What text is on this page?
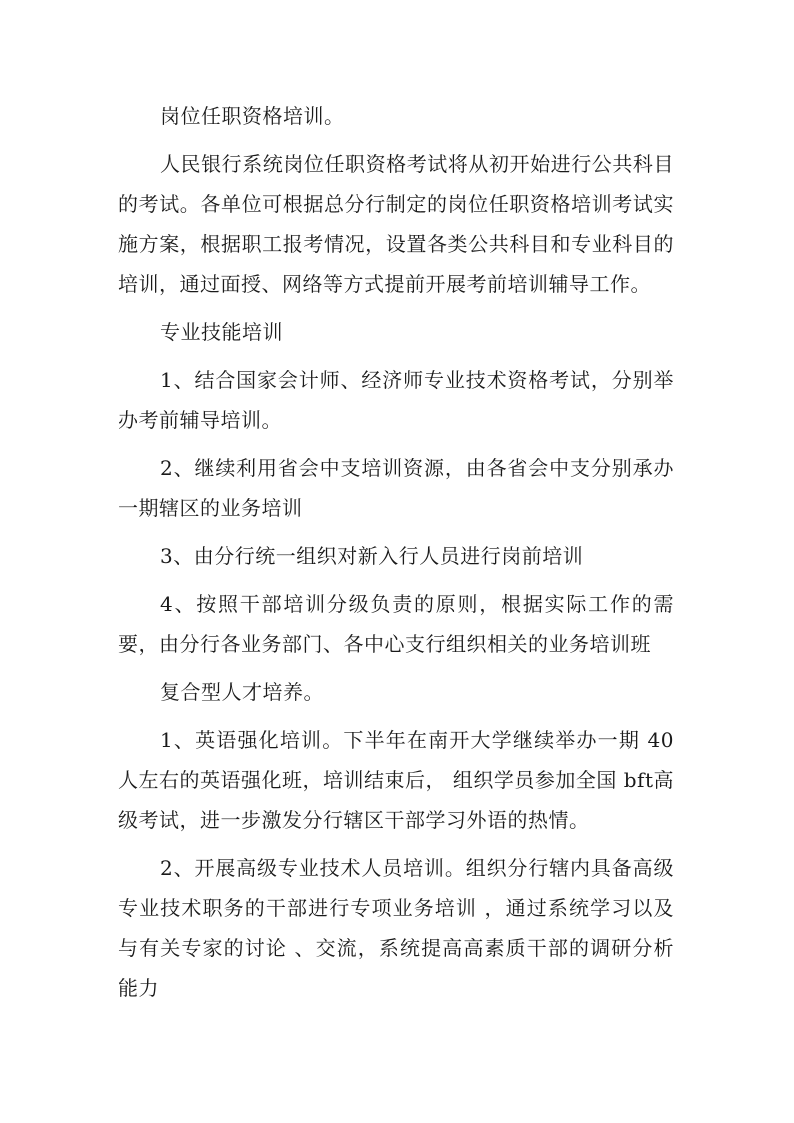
岗位任职资格培训。

人民银行系统岗位任职资格考试将从初开始进行公共科目的考试。各单位可根据总分行制定的岗位任职资格培训考试实施方案，根据职工报考情况，设置各类公共科目和专业科目的培训，通过面授、网络等方式提前开展考前培训辅导工作。

专业技能培训

1、结合国家会计师、经济师专业技术资格考试，分别举办考前辅导培训。

2、继续利用省会中支培训资源，由各省会中支分别承办一期辖区的业务培训

3、由分行统一组织对新入行人员进行岗前培训

4、按照干部培训分级负责的原则，根据实际工作的需要，由分行各业务部门、各中心支行组织相关的业务培训班

复合型人才培养。

1、英语强化培训。下半年在南开大学继续举办一期 40人左右的英语强化班，培训结束后， 组织学员参加全国 bft高级考试，进一步激发分行辖区干部学习外语的热情。

2、开展高级专业技术人员培训。组织分行辖内具备高级专业技术职务的干部进行专项业务培训 ，通过系统学习以及与有关专家的讨论 、交流，系统提高高素质干部的调研分析能力
